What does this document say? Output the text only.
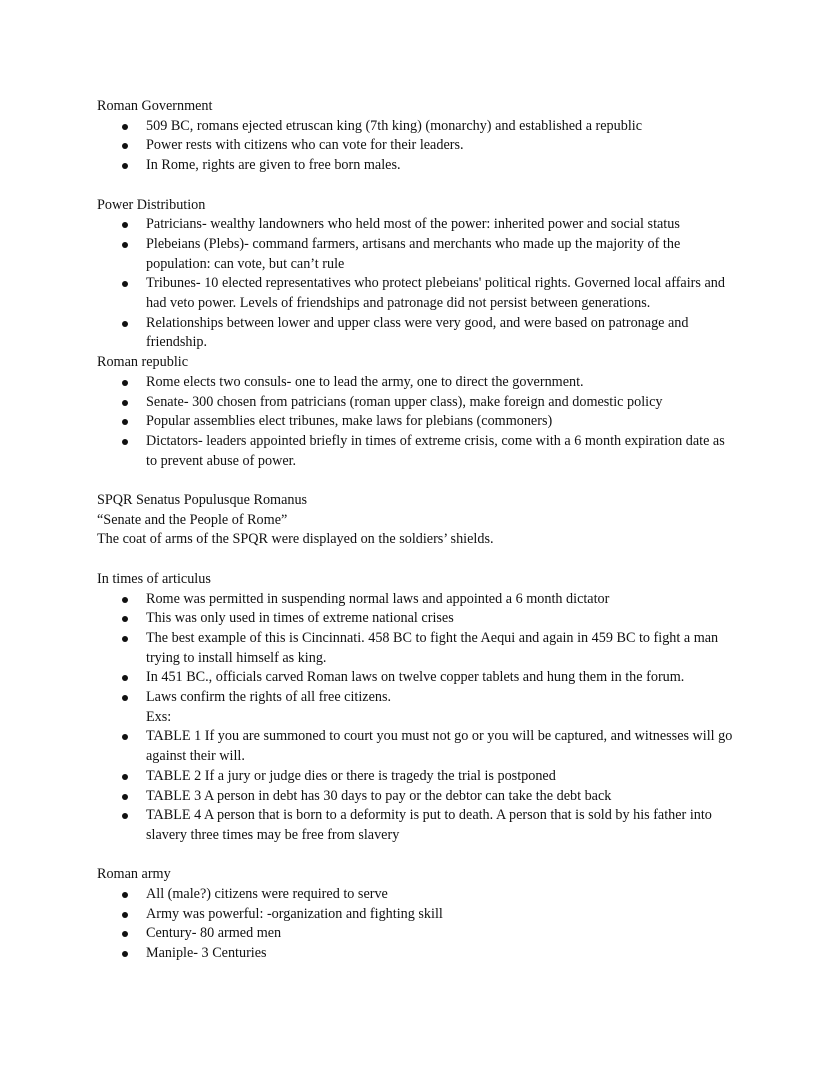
Roman Government

509 BC, romans ejected etruscan king (7th king) (monarchy) and established a republic
Power rests with citizens who can vote for their leaders.
In Rome, rights are given to free born males.

Power Distribution

Patricians- wealthy landowners who held most of the power: inherited power and social status
Plebeians (Plebs)- command farmers, artisans and merchants who made up the majority of the population: can vote, but can’t rule
Tribunes- 10 elected representatives who protect plebeians' political rights. Governed local affairs and had veto power. Levels of friendships and patronage did not persist between generations.
Relationships between lower and upper class were very good, and were based on patronage and friendship.

Roman republic

Rome elects two consuls- one to lead the army, one to direct the government.
Senate- 300 chosen from patricians (roman upper class), make foreign and domestic policy
Popular assemblies elect tribunes, make laws for plebians (commoners)
Dictators- leaders appointed briefly in times of extreme crisis, come with a 6 month expiration date as to prevent abuse of power.

SPQR Senatus Populusque Romanus

“Senate and the People of Rome”

The coat of arms of the SPQR were displayed on the soldiers’ shields.

In times of articulus

Rome was permitted in suspending normal laws and appointed a 6 month dictator
This was only used in times of extreme national crises
The best example of this is Cincinnati. 458 BC to fight the Aequi and again in 459 BC to fight a man trying to install himself as king.
In 451 BC., officials carved Roman laws on twelve copper tablets and hung them in the forum.
Laws confirm the rights of all free citizens.
Exs:
TABLE 1 If you are summoned to court you must not go or you will be captured, and witnesses will go against their will.
TABLE 2 If a jury or judge dies or there is tragedy the trial is postponed
TABLE 3 A person in debt has 30 days to pay or the debtor can take the debt back
TABLE 4 A person that is born to a deformity is put to death. A person that is sold by his father into slavery three times may be free from slavery

Roman army

All (male?) citizens were required to serve
Army was powerful: -organization and fighting skill
Century- 80 armed men
Maniple- 3 Centuries
